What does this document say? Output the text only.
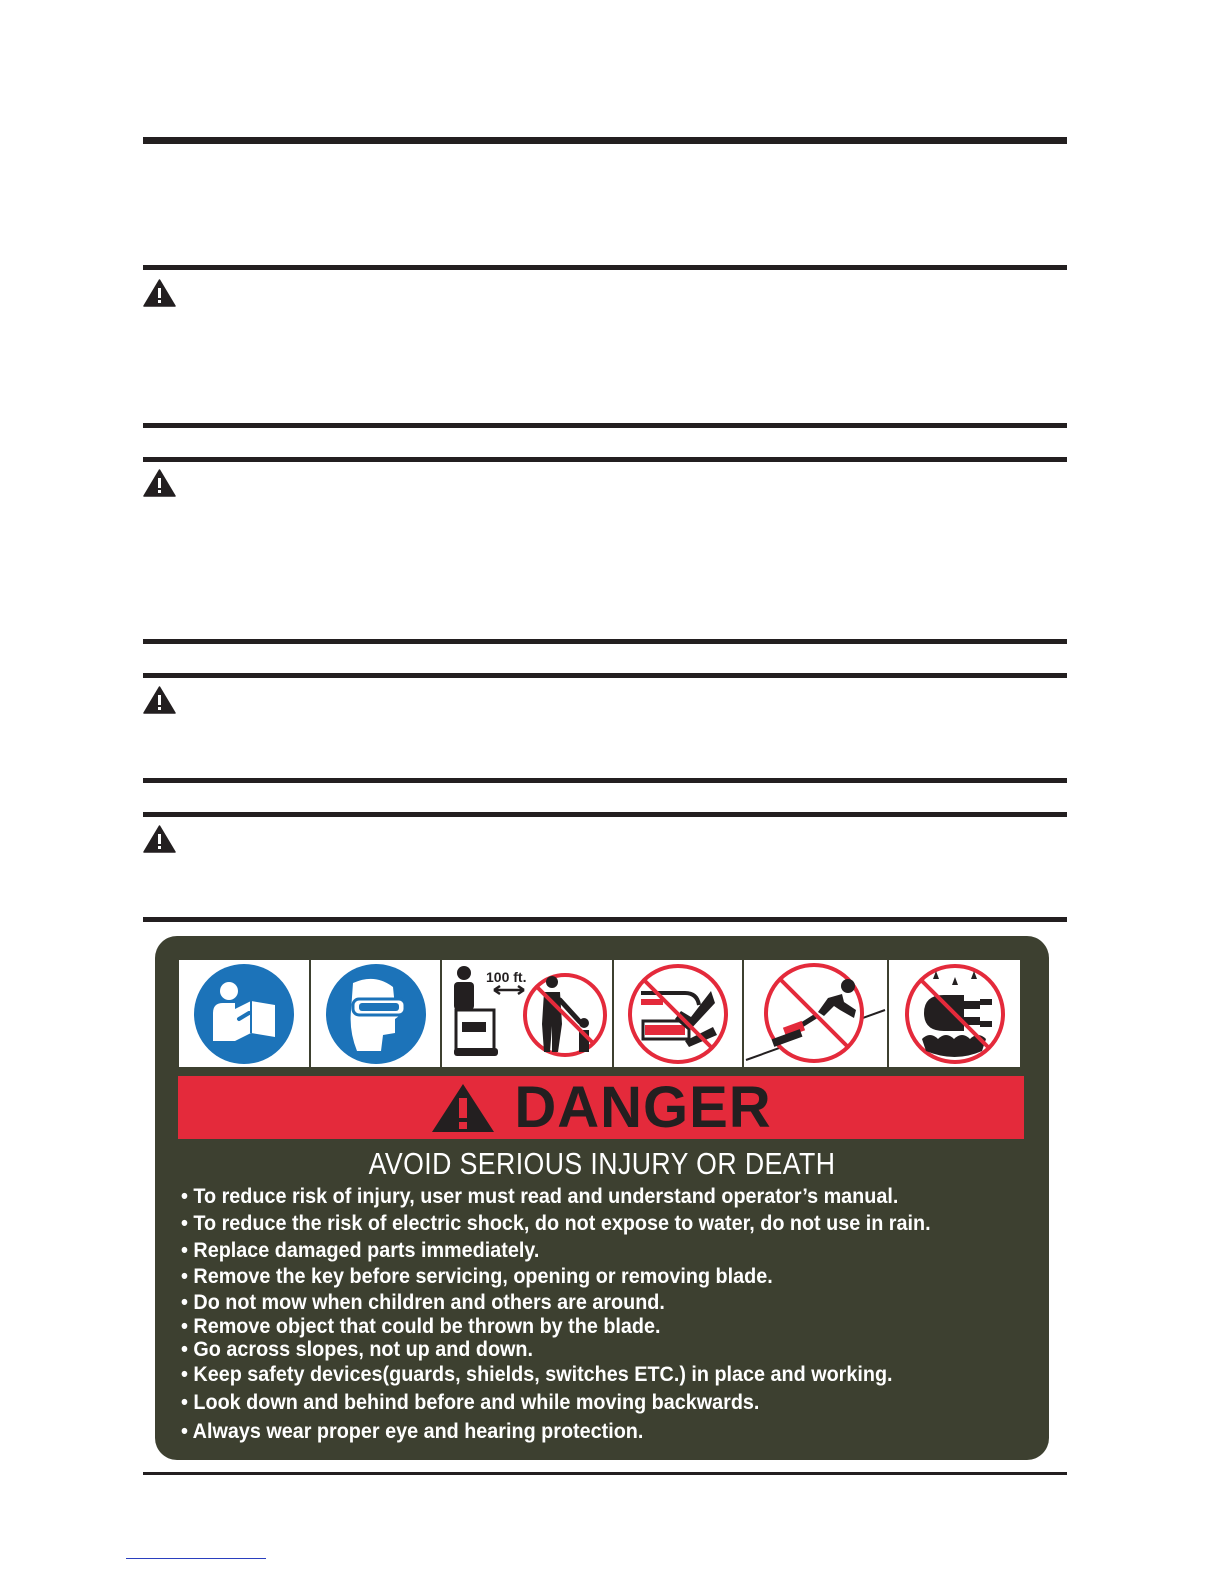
100 ft.
DANGER
AVOID SERIOUS INJURY OR DEATH
• To reduce risk of injury, user must read and understand operator’s manual.
• To reduce the risk of electric shock, do not expose to water, do not use in rain.
• Replace damaged parts immediately.
• Remove the key before servicing, opening or removing blade.
• Do not mow when children and others are around.
• Remove object that could be thrown by the blade.
• Go across slopes, not up and down.
• Keep safety devices(guards, shields, switches ETC.) in place and working.
• Look down and behind before and while moving backwards.
• Always wear proper eye and hearing protection.
